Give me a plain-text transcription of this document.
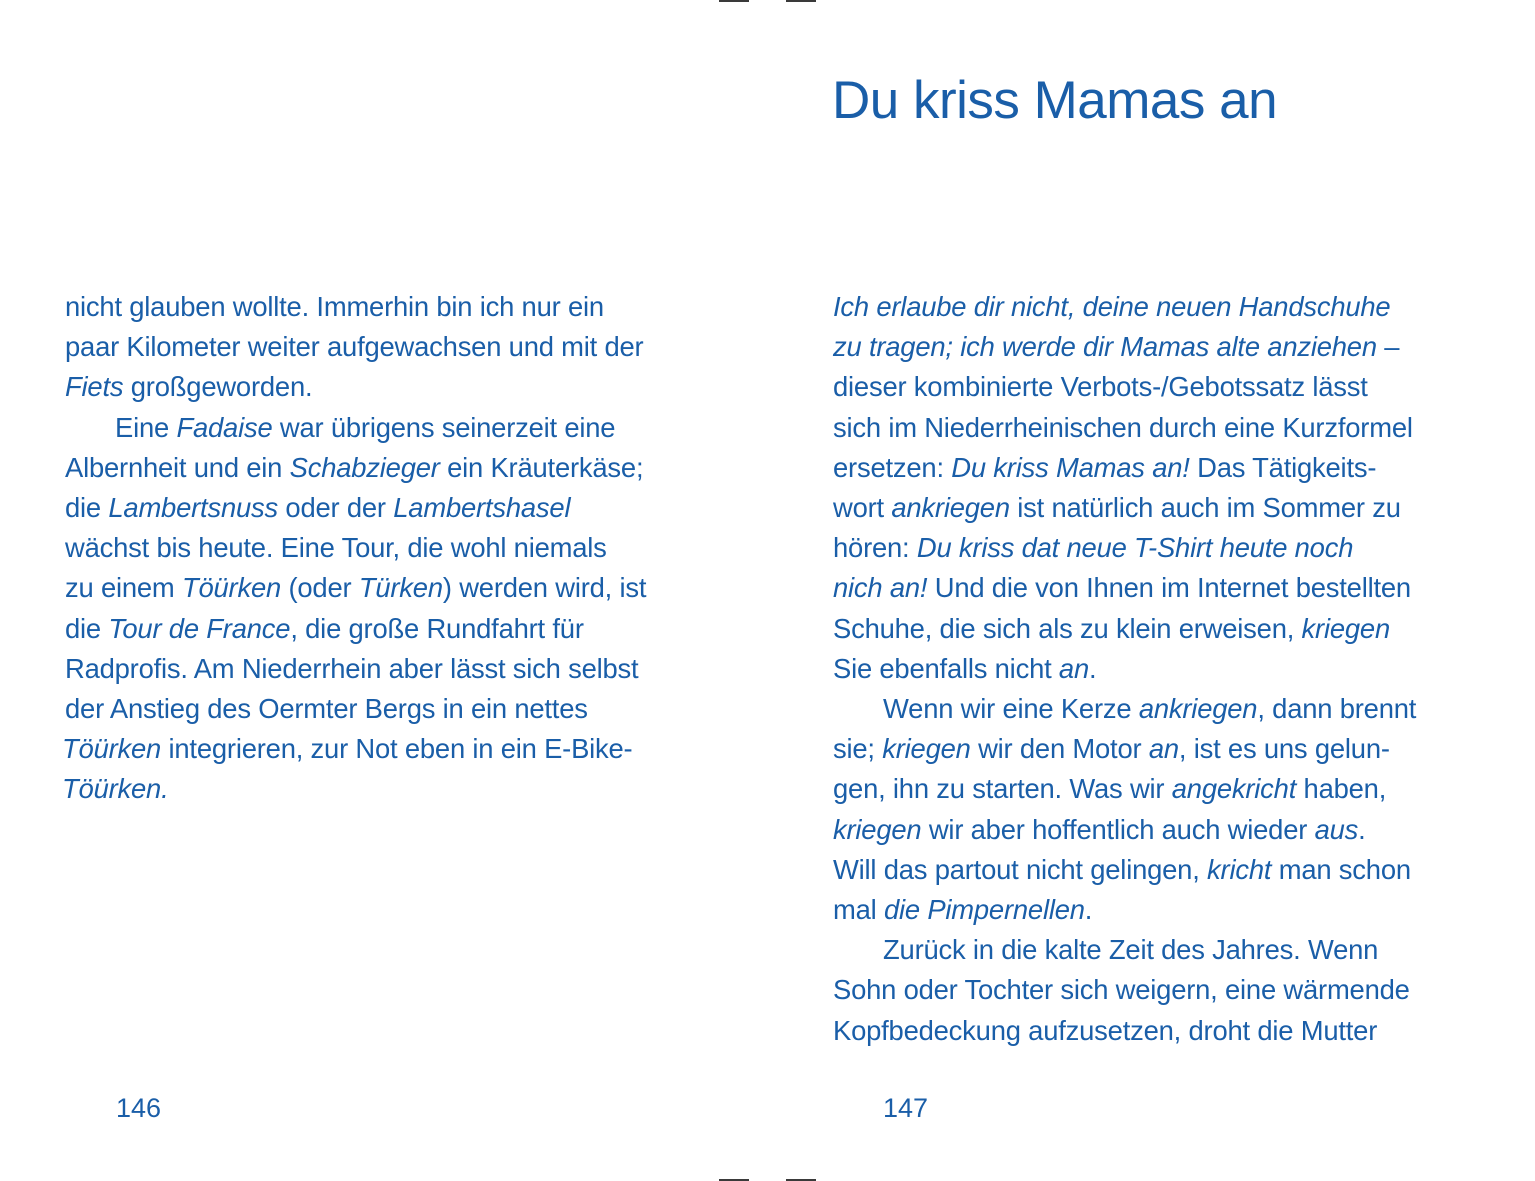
nicht glauben wollte. Immerhin bin ich nur ein
paar Kilometer weiter aufgewachsen und mit der
Fiets großgeworden.
Eine Fadaise war übrigens seinerzeit eine
Albernheit und ein Schabzieger ein Kräuterkäse;
die Lambertsnuss oder der Lambertshasel
wächst bis heute. Eine Tour, die wohl niemals
zu einem Töürken (oder Türken) werden wird, ist
die Tour de France, die große Rundfahrt für
Radprofis. Am Niederrhein aber lässt sich selbst
der Anstieg des Oermter Bergs in ein nettes
Töürken integrieren, zur Not eben in ein E-Bike-
Töürken.
146
Du kriss Mamas an
Ich erlaube dir nicht, deine neuen Handschuhe
zu tragen; ich werde dir Mamas alte anziehen –
dieser kombinierte Verbots-/Gebotssatz lässt
sich im Niederrheinischen durch eine Kurzformel
ersetzen: Du kriss Mamas an! Das Tätigkeits-
wort ankriegen ist natürlich auch im Sommer zu
hören: Du kriss dat neue T-Shirt heute noch
nich an! Und die von Ihnen im Internet bestellten
Schuhe, die sich als zu klein erweisen, kriegen
Sie ebenfalls nicht an.
Wenn wir eine Kerze ankriegen, dann brennt
sie; kriegen wir den Motor an, ist es uns gelun-
gen, ihn zu starten. Was wir angekricht haben,
kriegen wir aber hoffentlich auch wieder aus.
Will das partout nicht gelingen, kricht man schon
mal die Pimpernellen.
Zurück in die kalte Zeit des Jahres. Wenn
Sohn oder Tochter sich weigern, eine wärmende
Kopfbedeckung aufzusetzen, droht die Mutter
147
